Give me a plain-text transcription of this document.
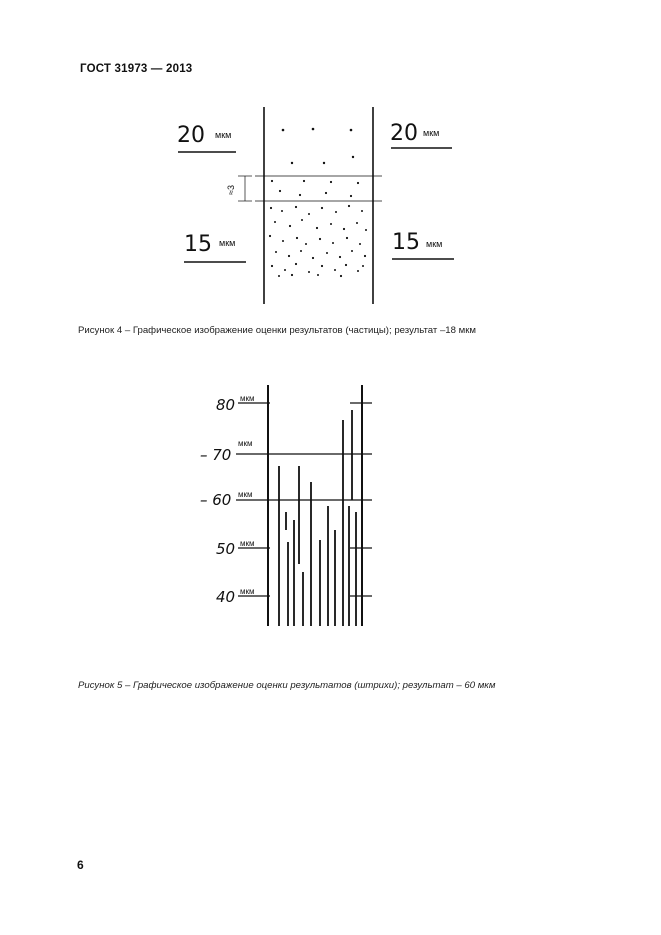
ГОСТ 31973 — 2013
≈3
20 мкм	20 мкм
15 мкм	15 мкм
Рисунок 4 – Графическое изображение оценки результатов (частицы); результат –18 мкм
80 мкм
– 70
мкм
– 60 мкм
50 мкм
40 мкм
Рисунок 5 – Графическое изображение оценки результатов (штрихи); результат – 60 мкм
6
